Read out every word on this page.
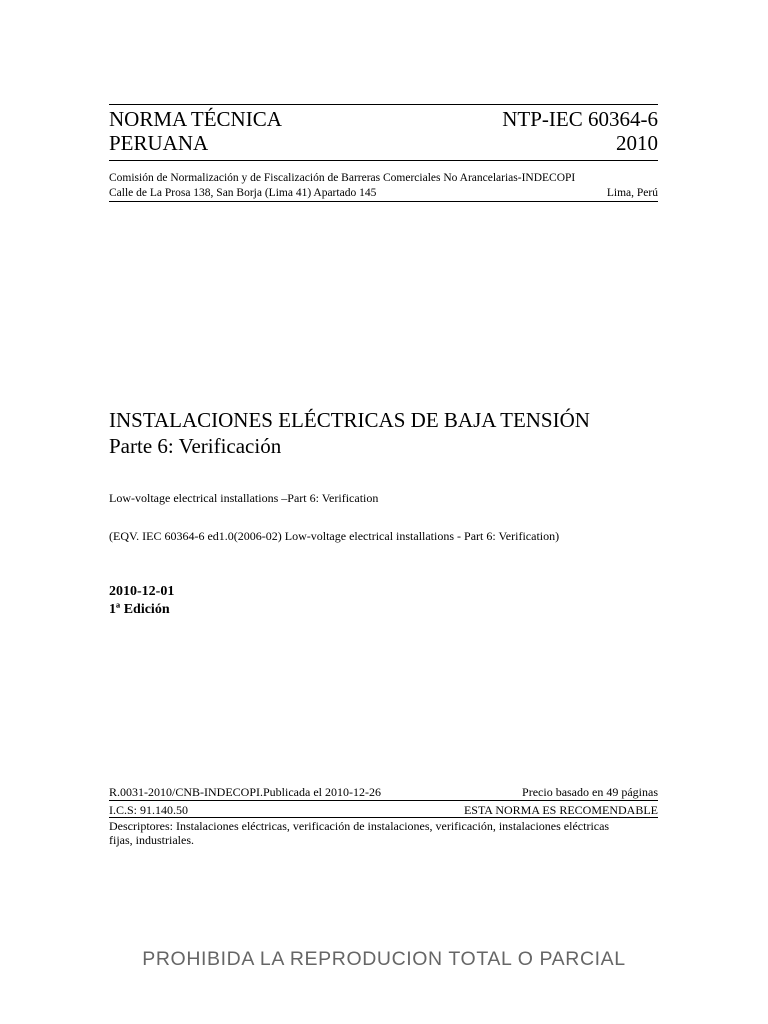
NORMA TÉCNICA
PERUANA
NTP-IEC 60364-6
2010
Comisión de Normalización y de Fiscalización de Barreras Comerciales No Arancelarias-INDECOPI
Calle de La Prosa 138, San Borja (Lima 41) Apartado 145	Lima, Perú
INSTALACIONES ELÉCTRICAS DE BAJA TENSIÓN
Parte 6: Verificación
Low-voltage electrical installations –Part 6: Verification
(EQV. IEC 60364-6 ed1.0(2006-02) Low-voltage electrical installations - Part 6: Verification)
2010-12-01
1ª Edición
R.0031-2010/CNB-INDECOPI.Publicada el 2010-12-26	Precio basado en 49 páginas
I.C.S: 91.140.50	ESTA NORMA ES RECOMENDABLE
Descriptores: Instalaciones eléctricas, verificación de instalaciones, verificación, instalaciones eléctricas
fijas, industriales.
PROHIBIDA LA REPRODUCION TOTAL O PARCIAL
